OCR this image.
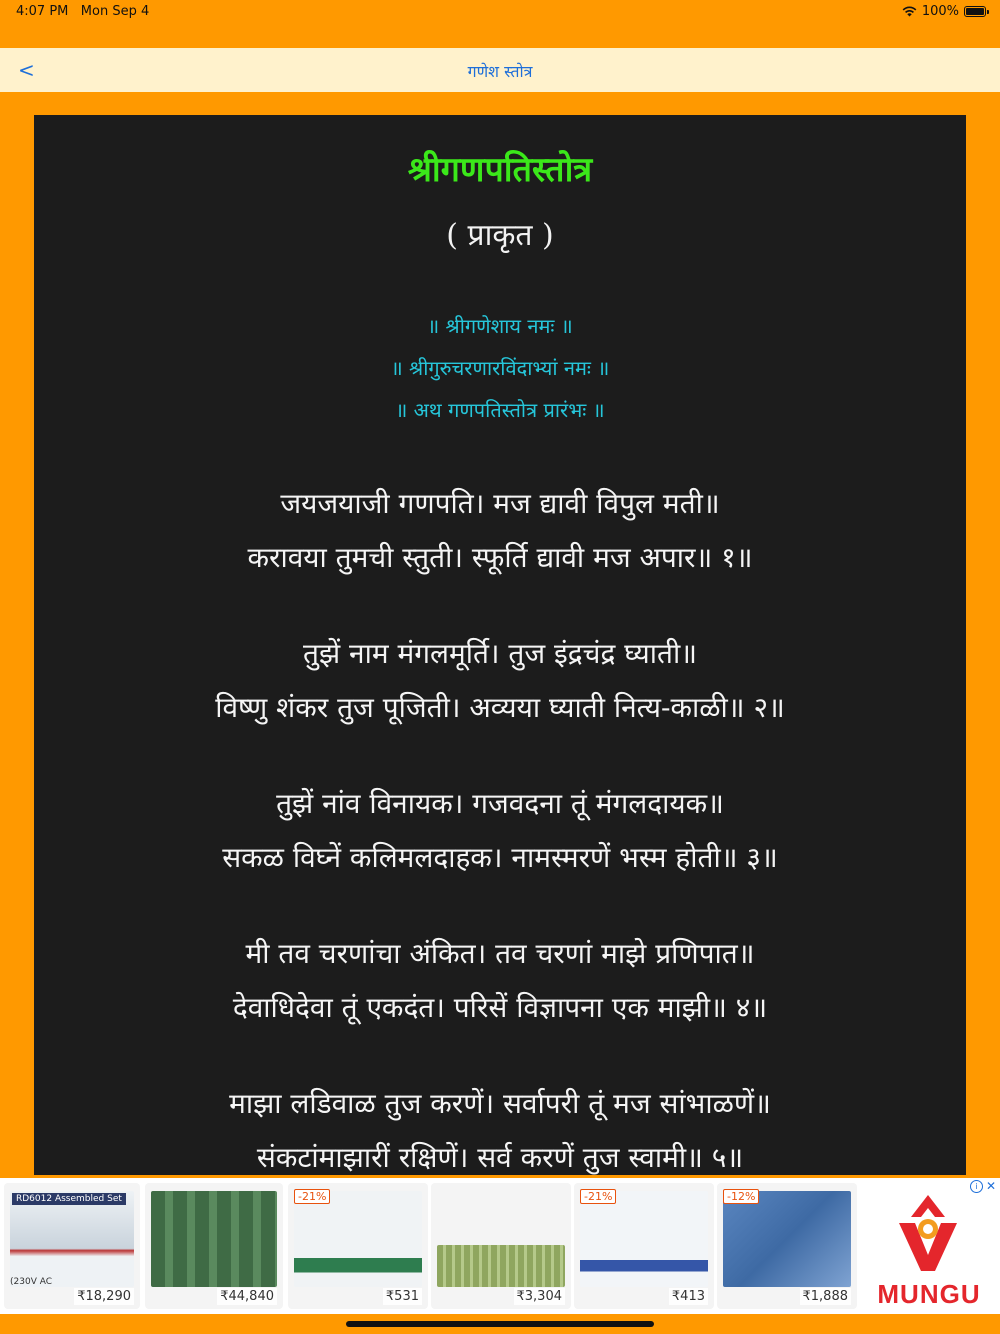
4:07 PM Mon Sep 4	100%
<	गणेश स्तोत्र
श्रीगणपतिस्तोत्र
( प्राकृत )
॥ श्रीगणेशाय नमः ॥
॥ श्रीगुरुचरणारविंदाभ्यां नमः ॥
॥ अथ गणपतिस्तोत्र प्रारंभः ॥
जयजयाजी गणपति। मज द्यावी विपुल मती॥
करावया तुमची स्तुती। स्फूर्ति द्यावी मज अपार॥ १॥
तुझें नाम मंगलमूर्ति। तुज इंद्रचंद्र घ्याती॥
विष्णु शंकर तुज पूजिती। अव्यया घ्याती नित्य-काळी॥ २॥
तुझें नांव विनायक। गजवदना तूं मंगलदायक॥
सकळ विघ्नें कलिमलदाहक। नामस्मरणें भस्म होती॥ ३॥
मी तव चरणांचा अंकित। तव चरणां माझे प्रणिपात॥
देवाधिदेवा तूं एकदंत। परिसें विज्ञापना एक माझी॥ ४॥
माझा लडिवाळ तुज करणें। सर्वापरी तूं मज सांभाळणें॥
संकटांमाझारीं रक्षिणें। सर्व करणें तुज स्वामी॥ ५॥
RD6012 Assembled Set
(230V AC
₹18,290	₹44,840
-21%
₹531	₹3,304
-21%
₹413
-12%
₹1,888	MUNGU
i ✕
